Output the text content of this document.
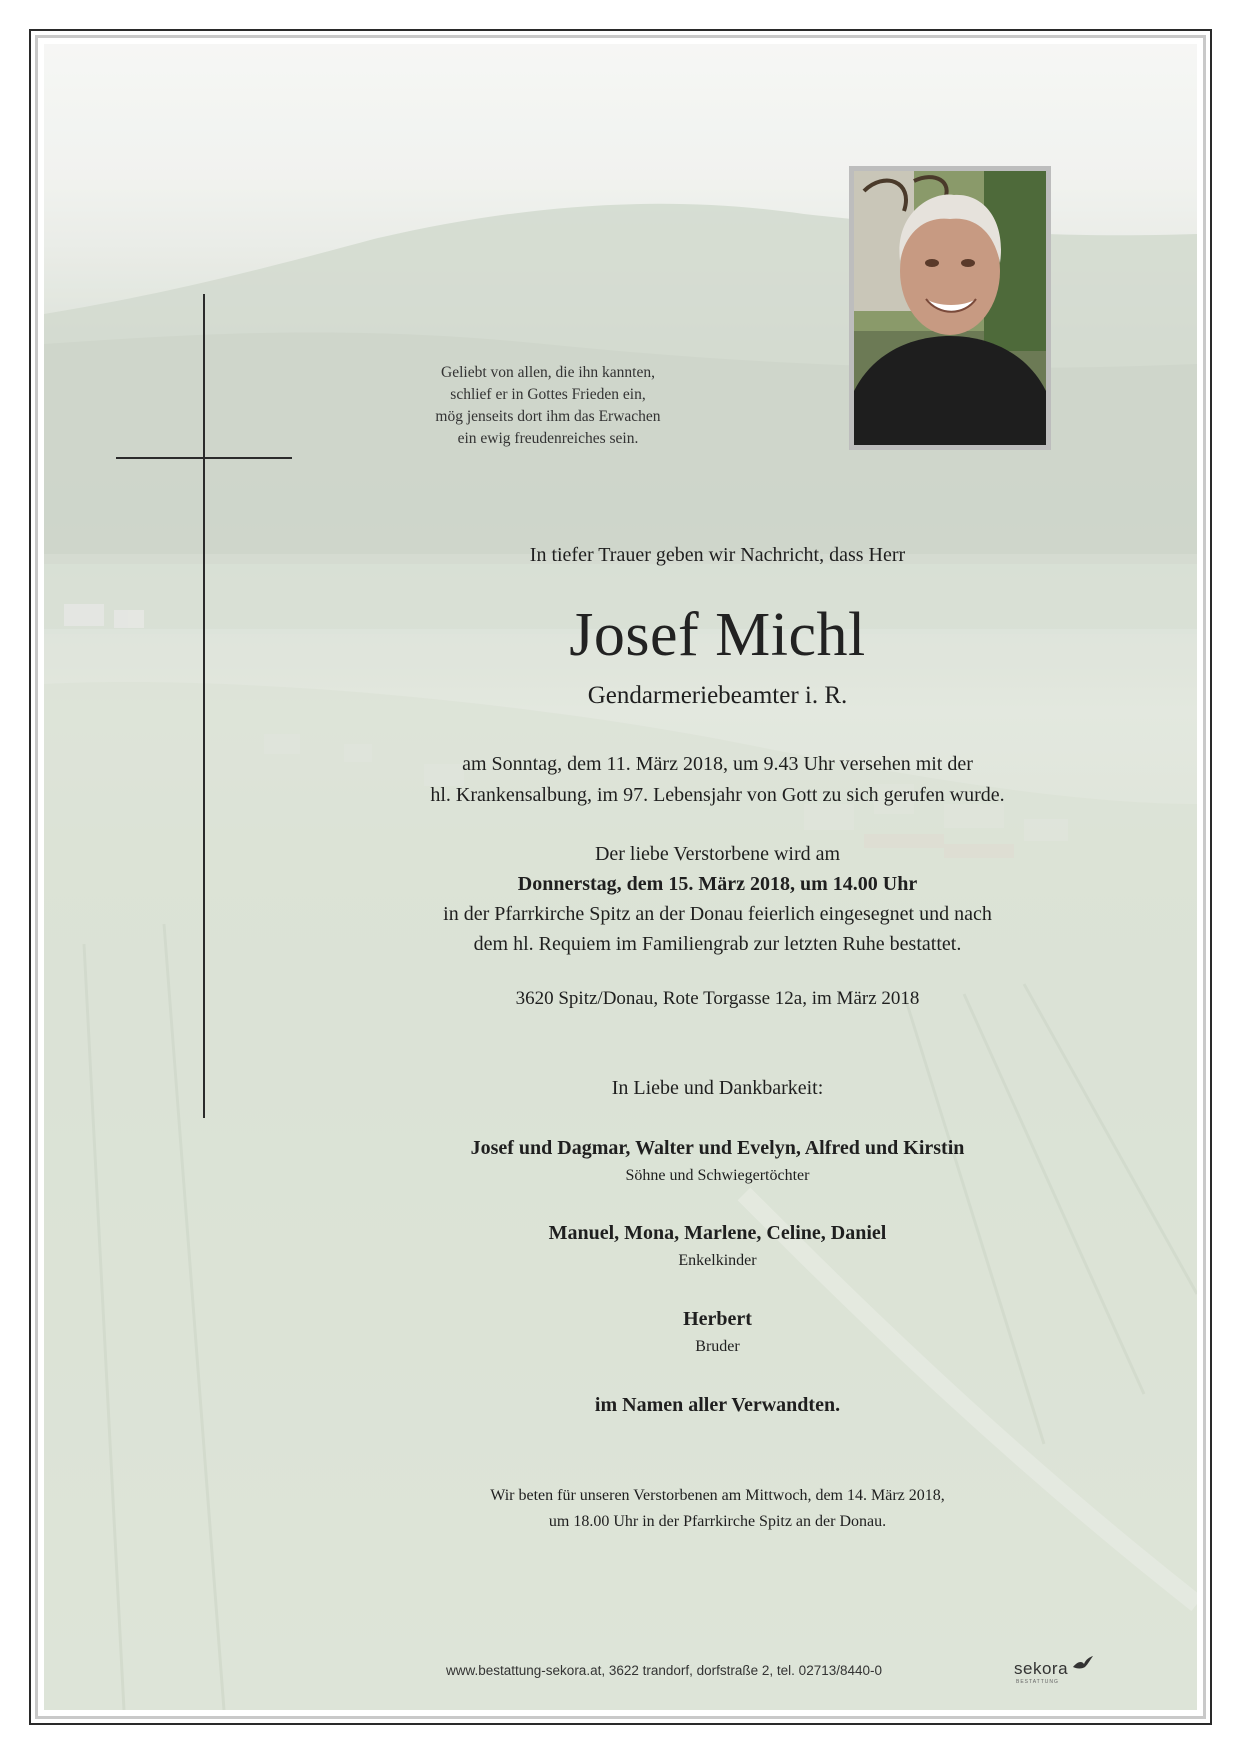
Geliebt von allen, die ihn kannten,
schlief er in Gottes Frieden ein,
mög jenseits dort ihm das Erwachen
ein ewig freudenreiches sein.
In tiefer Trauer geben wir Nachricht, dass Herr
Josef Michl
Gendarmeriebeamter i. R.
am Sonntag, dem 11. März 2018, um 9.43 Uhr versehen mit der
hl. Krankensalbung, im 97. Lebensjahr von Gott zu sich gerufen wurde.
Der liebe Verstorbene wird am
Donnerstag, dem 15. März 2018, um 14.00 Uhr
in der Pfarrkirche Spitz an der Donau feierlich eingesegnet und nach
dem hl. Requiem im Familiengrab zur letzten Ruhe bestattet.
3620 Spitz/Donau, Rote Torgasse 12a, im März 2018
In Liebe und Dankbarkeit:
Josef und Dagmar, Walter und Evelyn, Alfred und Kirstin
Söhne und Schwiegertöchter
Manuel, Mona, Marlene, Celine, Daniel
Enkelkinder
Herbert
Bruder
im Namen aller Verwandten.
Wir beten für unseren Verstorbenen am Mittwoch, dem 14. März 2018,
um 18.00 Uhr in der Pfarrkirche Spitz an der Donau.
www.bestattung-sekora.at, 3622 trandorf, dorfstraße 2, tel. 02713/8440-0	sekora
BESTATTUNG
